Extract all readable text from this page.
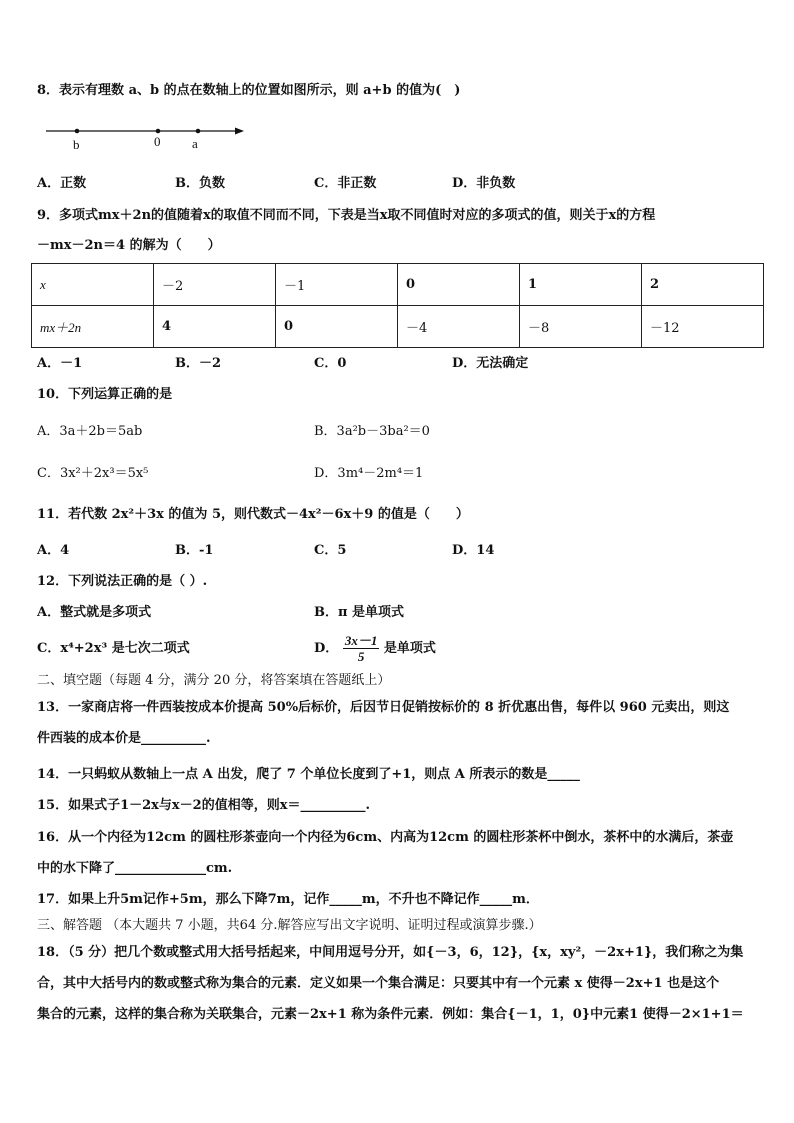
8．表示有理数 a、b 的点在数轴上的位置如图所示，则 a+b 的值为(　)
b	0 a
A．正数	B．负数	C．非正数	D．非负数
9．多项式mx＋2n的值随着x的取值不同而不同，下表是当x取不同值时对应的多项式的值，则关于x的方程
－mx－2n＝4 的解为（　　）
x	－2	－1	0	1	2
mx＋2n	4	0	－4	－8	－12
A．－1	B．－2	C．0	D．无法确定
10．下列运算正确的是
A．3a＋2b＝5ab	B．3a²b－3ba²＝0
C．3x²＋2x³＝5x⁵	D．3m⁴－2m⁴＝1
11．若代数 2x²＋3x 的值为 5，则代数式－4x²－6x＋9 的值是（　　）
A．4	B．-1	C．5	D．14
12．下列说法正确的是（ ）.
A．整式就是多项式	B．π 是单项式
C．x⁴+2x³ 是七次二项式	D． $\frac{3x-1}{5}$ 是单项式
二、填空题（每题 4 分，满分 20 分，将答案填在答题纸上）
13．一家商店将一件西装按成本价提高 50%后标价，后因节日促销按标价的 8 折优惠出售，每件以 960 元卖出，则这
件西装的成本价是__________.
14．一只蚂蚁从数轴上一点 A 出发，爬了 7 个单位长度到了+1，则点 A 所表示的数是_____
15．如果式子1－2x与x－2的值相等，则x＝__________.
16．从一个内径为12cm 的圆柱形茶壶向一个内径为6cm、内高为12cm 的圆柱形茶杯中倒水，茶杯中的水满后，茶壶
中的水下降了______________cm.
17．如果上升5m记作+5m，那么下降7m，记作_____m，不升也不降记作_____m．
三、解答题 （本大题共 7 小题，共64 分.解答应写出文字说明、证明过程或演算步骤.）
18．（5 分）把几个数或整式用大括号括起来，中间用逗号分开，如{－3，6，12}，{x，xy²，－2x+1}，我们称之为集
合，其中大括号内的数或整式称为集合的元素．定义如果一个集合满足：只要其中有一个元素 x 使得－2x+1 也是这个
集合的元素，这样的集合称为关联集合，元素－2x+1 称为条件元素．例如：集合{－1，1，0}中元素1 使得－2×1+1＝
